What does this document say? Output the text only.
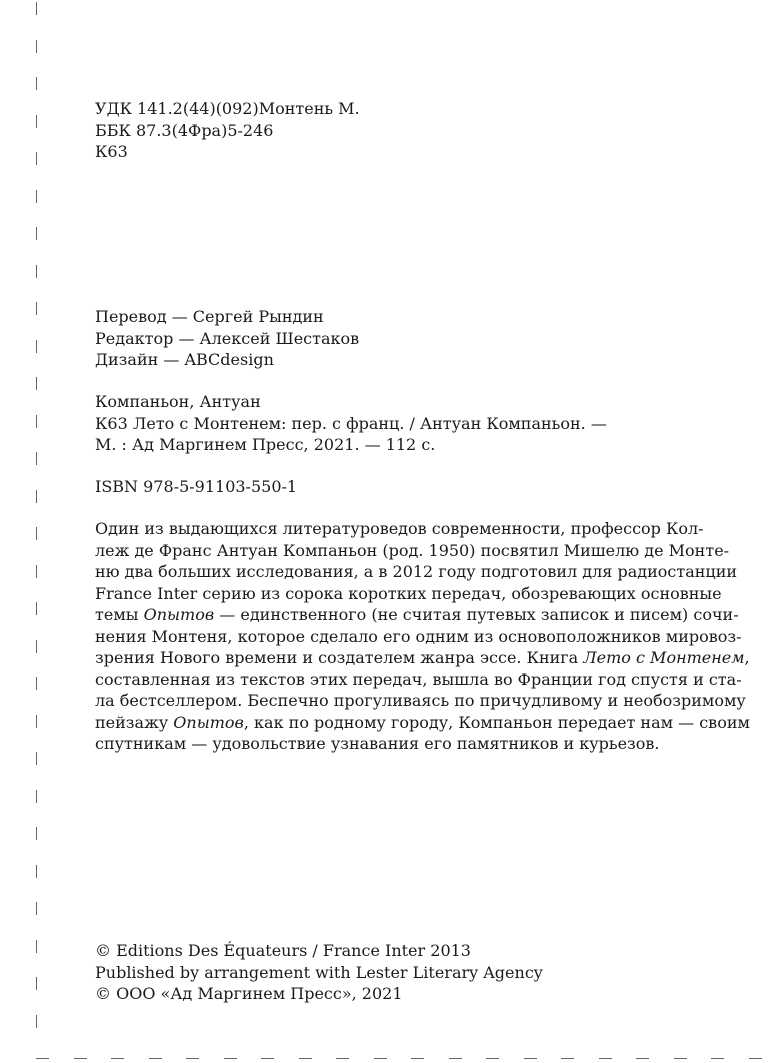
УДК 141.2(44)(092)Монтень М.
ББК 87.3(4Фра)5-246
К63
Перевод — Сергей Рындин
Редактор — Алексей Шестаков
Дизайн — ABCdesign
Компаньон, Антуан
К63 Лето с Монтенем: пер. с франц. / Антуан Компаньон. —
М. : Ад Маргинем Пресс, 2021. — 112 с.
ISBN 978-5-91103-550-1
Один из выдающихся литературоведов современности, профессор Кол-
леж де Франс Антуан Компаньон (род. 1950) посвятил Мишелю де Монте-
ню два больших исследования, а в 2012 году подготовил для радиостанции
France Inter серию из сорока коротких передач, обозревающих основные
темы Опытов — единственного (не считая путевых записок и писем) сочи-
нения Монтеня, которое сделало его одним из основоположников мировоз-
зрения Нового времени и создателем жанра эссе. Книга Лето с Монтенем,
составленная из текстов этих передач, вышла во Франции год спустя и ста-
ла бестселлером. Беспечно прогуливаясь по причудливому и необозримому
пейзажу Опытов, как по родному городу, Компаньон передает нам — своим
спутникам — удовольствие узнавания его памятников и курьезов.
© Editions Des Équateurs / France Inter 2013
Published by arrangement with Lester Literary Agency
© ООО «Ад Маргинем Пресс», 2021
